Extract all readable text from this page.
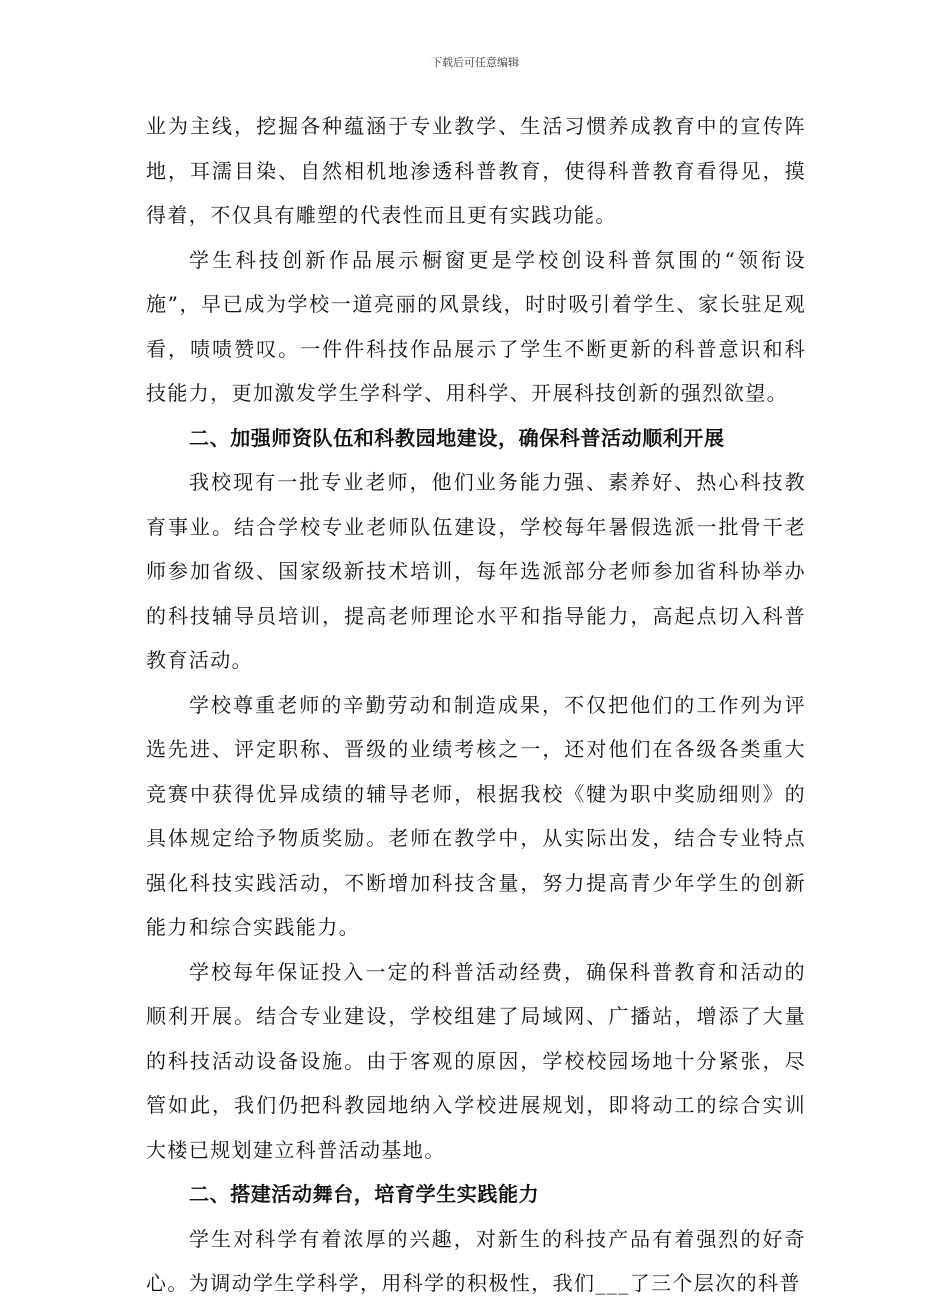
下载后可任意编辑

业为主线，挖掘各种蕴涵于专业教学、生活习惯养成教育中的宣传阵地，耳濡目染、自然相机地渗透科普教育，使得科普教育看得见，摸得着，不仅具有雕塑的代表性而且更有实践功能。

学生科技创新作品展示橱窗更是学校创设科普氛围的“领衔设施”，早已成为学校一道亮丽的风景线，时时吸引着学生、家长驻足观看，啧啧赞叹。一件件科技作品展示了学生不断更新的科普意识和科技能力，更加激发学生学科学、用科学、开展科技创新的强烈欲望。

二、加强师资队伍和科教园地建设，确保科普活动顺利开展

我校现有一批专业老师，他们业务能力强、素养好、热心科技教育事业。结合学校专业老师队伍建设，学校每年暑假选派一批骨干老师参加省级、国家级新技术培训，每年选派部分老师参加省科协举办的科技辅导员培训，提高老师理论水平和指导能力，高起点切入科普教育活动。

学校尊重老师的辛勤劳动和制造成果，不仅把他们的工作列为评选先进、评定职称、晋级的业绩考核之一，还对他们在各级各类重大竞赛中获得优异成绩的辅导老师，根据我校《犍为职中奖励细则》的具体规定给予物质奖励。老师在教学中，从实际出发，结合专业特点强化科技实践活动，不断增加科技含量，努力提高青少年学生的创新能力和综合实践能力。

学校每年保证投入一定的科普活动经费，确保科普教育和活动的顺利开展。结合专业建设，学校组建了局域网、广播站，增添了大量的科技活动设备设施。由于客观的原因，学校校园场地十分紧张，尽管如此，我们仍把科教园地纳入学校进展规划，即将动工的综合实训大楼已规划建立科普活动基地。

二、搭建活动舞台，培育学生实践能力

学生对科学有着浓厚的兴趣，对新生的科技产品有着强烈的好奇心。为调动学生学科学，用科学的积极性，我们___了三个层次的科普
